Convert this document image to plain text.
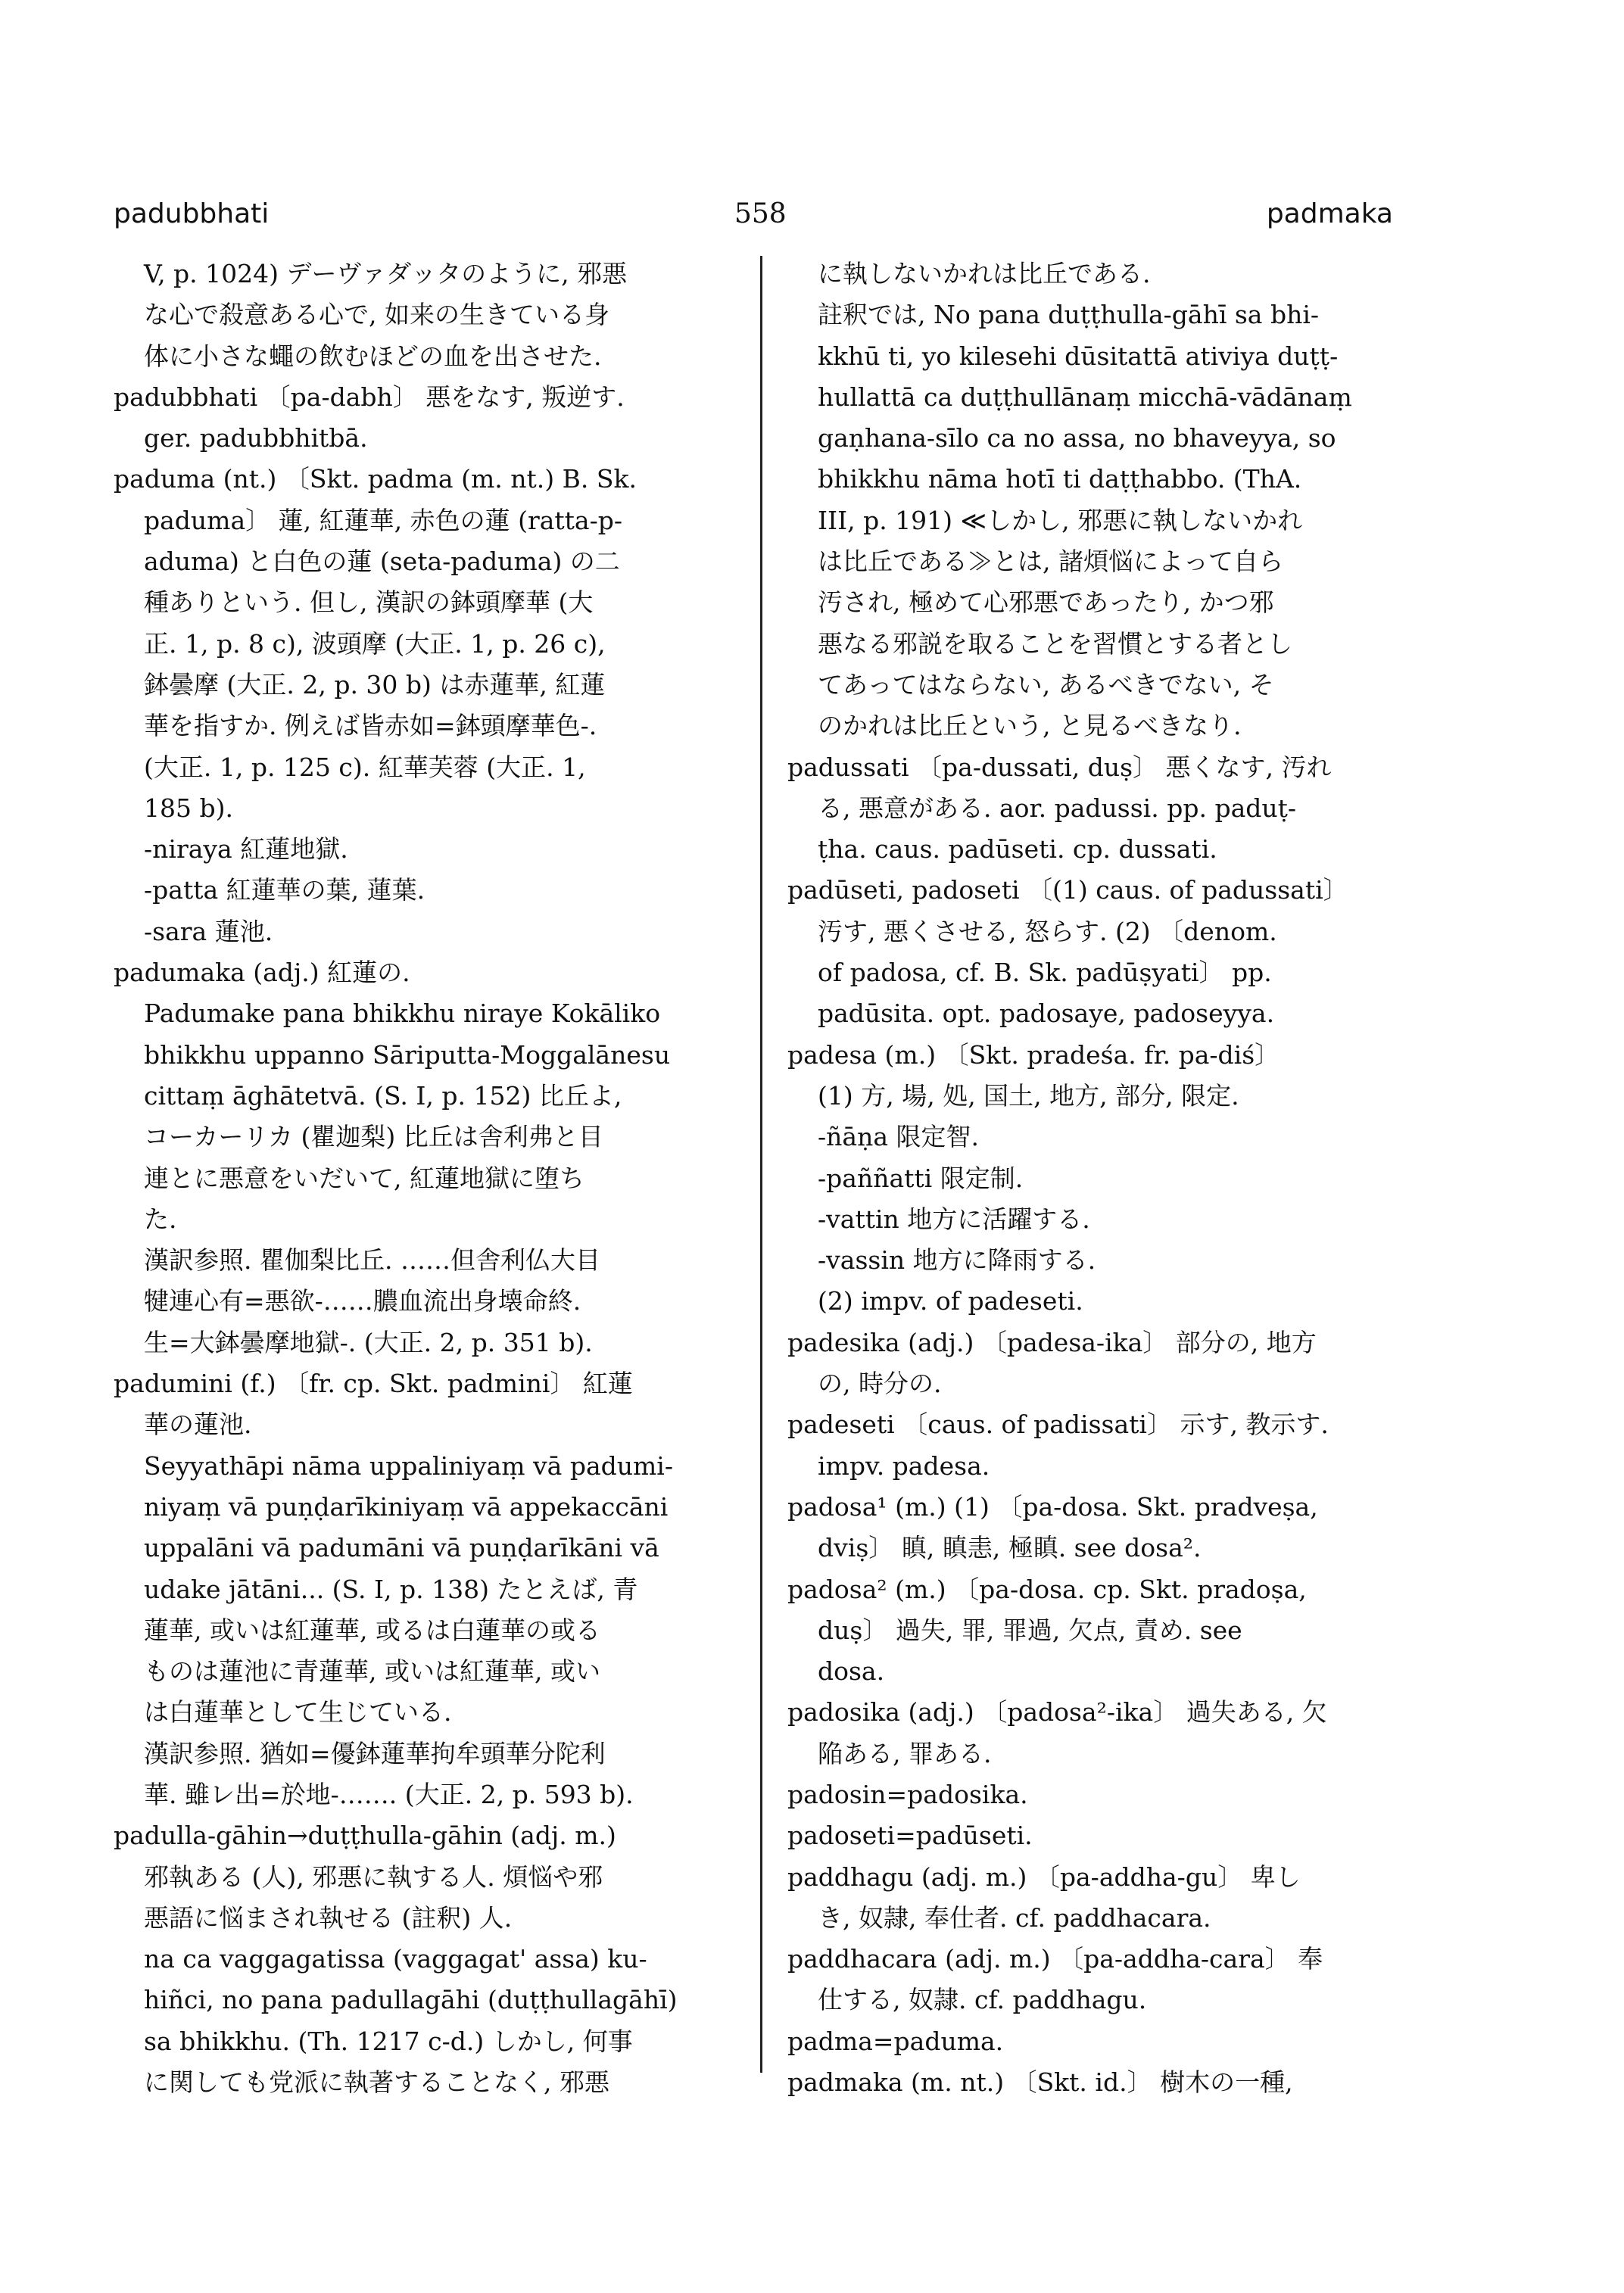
padubbhati	558	padmaka
V, p. 1024) デーヴァダッタのように, 邪悪
な心で殺意ある心で, 如来の生きている身
体に小さな蠅の飲むほどの血を出させた.
padubbhati 〔pa-dabh〕 悪をなす, 叛逆す.
ger. padubbhitbā.
paduma (nt.) 〔Skt. padma (m. nt.) B. Sk.
paduma〕 蓮, 紅蓮華, 赤色の蓮 (ratta-p-
aduma) と白色の蓮 (seta-paduma) の二
種ありという. 但し, 漢訳の鉢頭摩華 (大
正. 1, p. 8 c), 波頭摩 (大正. 1, p. 26 c),
鉢曇摩 (大正. 2, p. 30 b) は赤蓮華, 紅蓮
華を指すか. 例えば皆赤如=鉢頭摩華色-.
(大正. 1, p. 125 c). 紅華芙蓉 (大正. 1,
185 b).
-niraya 紅蓮地獄.
-patta 紅蓮華の葉, 蓮葉.
-sara 蓮池.
padumaka (adj.) 紅蓮の.
Padumake pana bhikkhu niraye Kokāliko
bhikkhu uppanno Sāriputta-Moggalānesu
cittaṃ āghātetvā. (S. I, p. 152) 比丘よ,
コーカーリカ (瞿迦梨) 比丘は舎利弗と目
連とに悪意をいだいて, 紅蓮地獄に堕ち
た.
漢訳参照. 瞿伽梨比丘. ……但舎利仏大目
犍連心有=悪欲-……膿血流出身壊命終.
生=大鉢曇摩地獄-. (大正. 2, p. 351 b).
padumini (f.) 〔fr. cp. Skt. padmini〕 紅蓮
華の蓮池.
Seyyathāpi nāma uppaliniyaṃ vā padumi-
niyaṃ vā puṇḍarīkiniyaṃ vā appekaccāni
uppalāni vā padumāni vā puṇḍarīkāni vā
udake jātāni... (S. I, p. 138) たとえば, 青
蓮華, 或いは紅蓮華, 或るは白蓮華の或る
ものは蓮池に青蓮華, 或いは紅蓮華, 或い
は白蓮華として生じている.
漢訳参照. 猶如=優鉢蓮華拘牟頭華分陀利
華. 雖レ出=於地-……. (大正. 2, p. 593 b).
padulla-gāhin→duṭṭhulla-gāhin (adj. m.)
邪執ある (人), 邪悪に執する人. 煩悩や邪
悪語に悩まされ執せる (註釈) 人.
na ca vaggagatissa (vaggagat' assa) ku-
hiñci, no pana padullagāhi (duṭṭhullagāhī)
sa bhikkhu. (Th. 1217 c-d.) しかし, 何事
に関しても党派に執著することなく, 邪悪
に執しないかれは比丘である.
註釈では, No pana duṭṭhulla-gāhī sa bhi-
kkhū ti, yo kilesehi dūsitattā ativiya duṭṭ-
hullattā ca duṭṭhullānaṃ micchā-vādānaṃ
gaṇhana-sīlo ca no assa, no bhaveyya, so
bhikkhu nāma hotī ti daṭṭhabbo. (ThA.
III, p. 191) ≪しかし, 邪悪に執しないかれ
は比丘である≫とは, 諸煩悩によって自ら
汚され, 極めて心邪悪であったり, かつ邪
悪なる邪説を取ることを習慣とする者とし
てあってはならない, あるべきでない, そ
のかれは比丘という, と見るべきなり.
padussati 〔pa-dussati, duṣ〕 悪くなす, 汚れ
る, 悪意がある. aor. padussi. pp. paduṭ-
ṭha. caus. padūseti. cp. dussati.
padūseti, padoseti 〔(1) caus. of padussati〕
汚す, 悪くさせる, 怒らす. (2) 〔denom.
of padosa, cf. B. Sk. padūṣyati〕 pp.
padūsita. opt. padosaye, padoseyya.
padesa (m.) 〔Skt. pradeśa. fr. pa-diś〕
(1) 方, 場, 処, 国土, 地方, 部分, 限定.
-ñāṇa 限定智.
-paññatti 限定制.
-vattin 地方に活躍する.
-vassin 地方に降雨する.
(2) impv. of padeseti.
padesika (adj.) 〔padesa-ika〕 部分の, 地方
の, 時分の.
padeseti 〔caus. of padissati〕 示す, 教示す.
impv. padesa.
padosa¹ (m.) (1) 〔pa-dosa. Skt. pradveṣa,
dviṣ〕 瞋, 瞋恚, 極瞋. see dosa².
padosa² (m.) 〔pa-dosa. cp. Skt. pradoṣa,
duṣ〕 過失, 罪, 罪過, 欠点, 責め. see
dosa.
padosika (adj.) 〔padosa²-ika〕 過失ある, 欠
陥ある, 罪ある.
padosin=padosika.
padoseti=padūseti.
paddhagu (adj. m.) 〔pa-addha-gu〕 卑し
き, 奴隷, 奉仕者. cf. paddhacara.
paddhacara (adj. m.) 〔pa-addha-cara〕 奉
仕する, 奴隷. cf. paddhagu.
padma=paduma.
padmaka (m. nt.) 〔Skt. id.〕 樹木の一種,
